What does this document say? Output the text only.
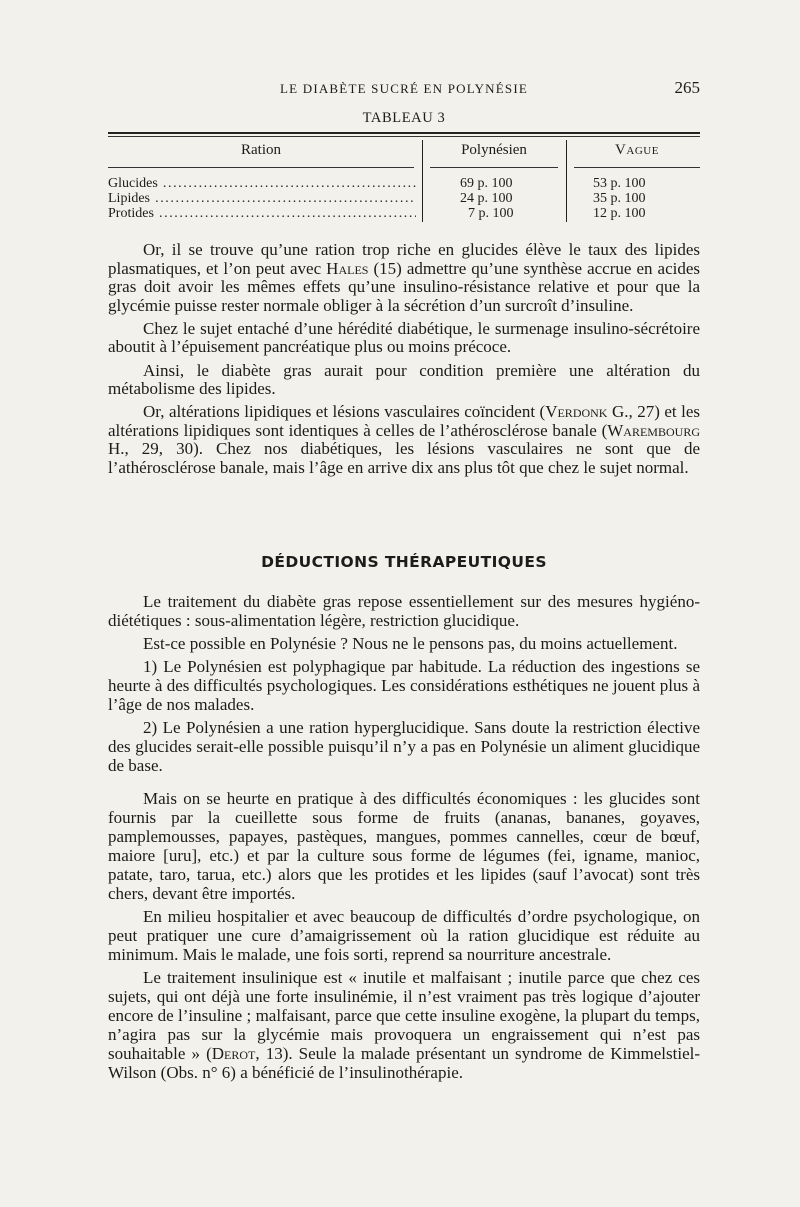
LE DIABÈTE SUCRÉ EN POLYNÉSIE	265
TABLEAU 3
Ration	Polynésien	Vague
Glucides .....	69 p. 100	53 p. 100
Lipides .....	24 p. 100	35 p. 100
Protides .....	7 p. 100	12 p. 100

Or, il se trouve qu’une ration trop riche en glucides élève le taux des lipides plasmatiques, et l’on peut avec Hales (15) admettre qu’une synthèse accrue en acides gras doit avoir les mêmes effets qu’une insulino-résistance relative et pour que la glycémie puisse rester normale obliger à la sécrétion d’un surcroît d’insuline.

Chez le sujet entaché d’une hérédité diabétique, le surmenage insulino-sécrétoire aboutit à l’épuisement pancréatique plus ou moins précoce.

Ainsi, le diabète gras aurait pour condition première une altération du métabolisme des lipides.

Or, altérations lipidiques et lésions vasculaires coïncident (Verdonk G., 27) et les altérations lipidiques sont identiques à celles de l’athérosclérose banale (Warembourg H., 29, 30). Chez nos diabétiques, les lésions vasculaires ne sont que de l’athérosclérose banale, mais l’âge en arrive dix ans plus tôt que chez le sujet normal.

DÉDUCTIONS THÉRAPEUTIQUES

Le traitement du diabète gras repose essentiellement sur des mesures hygiéno-diététiques : sous-alimentation légère, restriction glucidique.

Est-ce possible en Polynésie ? Nous ne le pensons pas, du moins actuellement.

1) Le Polynésien est polyphagique par habitude. La réduction des ingestions se heurte à des difficultés psychologiques. Les considérations esthétiques ne jouent plus à l’âge de nos malades.

2) Le Polynésien a une ration hyperglucidique. Sans doute la restriction élective des glucides serait-elle possible puisqu’il n’y a pas en Polynésie un aliment glucidique de base.

Mais on se heurte en pratique à des difficultés économiques : les glucides sont fournis par la cueillette sous forme de fruits (ananas, bananes, goyaves, pamplemousses, papayes, pastèques, mangues, pommes cannelles, cœur de bœuf, maiore [uru], etc.) et par la culture sous forme de légumes (fei, igname, manioc, patate, taro, tarua, etc.) alors que les protides et les lipides (sauf l’avocat) sont très chers, devant être importés.

En milieu hospitalier et avec beaucoup de difficultés d’ordre psychologique, on peut pratiquer une cure d’amaigrissement où la ration glucidique est réduite au minimum. Mais le malade, une fois sorti, reprend sa nourriture ancestrale.

Le traitement insulinique est « inutile et malfaisant ; inutile parce que chez ces sujets, qui ont déjà une forte insulinémie, il n’est vraiment pas très logique d’ajouter encore de l’insuline ; malfaisant, parce que cette insuline exogène, la plupart du temps, n’agira pas sur la glycémie mais provoquera un engraissement qui n’est pas souhaitable » (Derot, 13). Seule la malade présentant un syndrome de Kimmelstiel-Wilson (Obs. n° 6) a bénéficié de l’insulinothérapie.
